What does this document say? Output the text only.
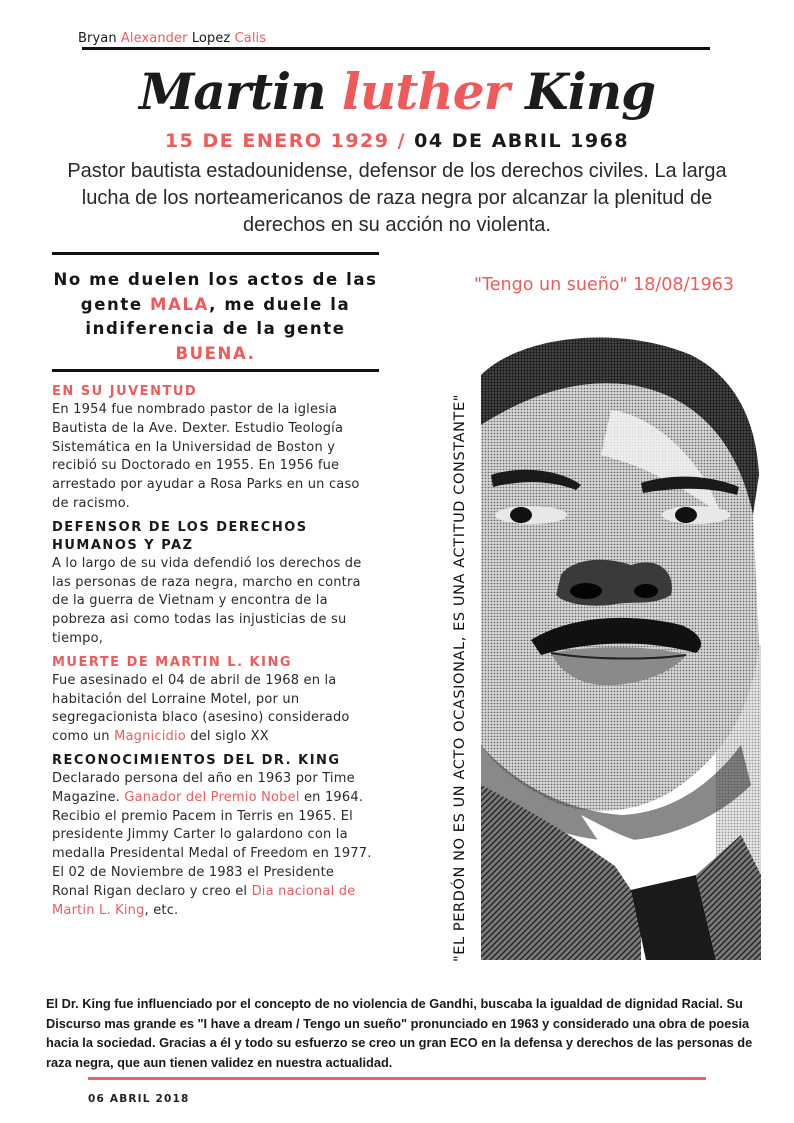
Bryan Alexander Lopez Calis
Martin luther King
15 DE ENERO 1929 / 04 DE ABRIL 1968

Pastor bautista estadounidense, defensor de los derechos civiles. La larga lucha de los norteamericanos de raza negra por alcanzar la plenitud de derechos en su acción no violenta.

No me duelen los actos de las gente MALA, me duele la indiferencia de la gente BUENA.
EN SU JUVENTUD

En 1954 fue nombrado pastor de la iglesia Bautista de la Ave. Dexter. Estudio Teología Sistemática en la Universidad de Boston y recibió su Doctorado en 1955. En 1956 fue arrestado por ayudar a Rosa Parks en un caso de racismo.

DEFENSOR DE LOS DERECHOS HUMANOS Y PAZ

A lo largo de su vida defendió los derechos de las personas de raza negra, marcho en contra de la guerra de Vietnam y encontra de la pobreza asi como todas las injusticias de su tiempo,

MUERTE DE MARTIN L. KING

Fue asesinado el 04 de abril de 1968 en la habitación del Lorraine Motel, por un segregacionista blaco (asesino) considerado como un Magnicidio del siglo XX

RECONOCIMIENTOS DEL DR. KING

Declarado persona del año en 1963 por Time Magazine. Ganador del Premio Nobel en 1964. Recibio el premio Pacem in Terris en 1965. El presidente Jimmy Carter lo galardono con la medalla Presidental Medal of Freedom en 1977. El 02 de Noviembre de 1983 el Presidente Ronal Rigan declaro y creo el Dia nacional de Martin L. King, etc.

"Tengo un sueño" 18/08/1963
"EL PERDÓN NO ES UN ACTO OCASIONAL, ES UNA ACTITUD CONSTANTE"

El Dr. King fue influenciado por el concepto de no violencia de Gandhi, buscaba la igualdad de dignidad Racial. Su Discurso mas grande es "I have a dream / Tengo un sueño" pronunciado en 1963 y considerado una obra de poesia hacia la sociedad. Gracias a él y todo su esfuerzo se creo un gran ECO en la defensa y derechos de las personas de raza negra, que aun tienen validez en nuestra actualidad.

06 ABRIL 2018
